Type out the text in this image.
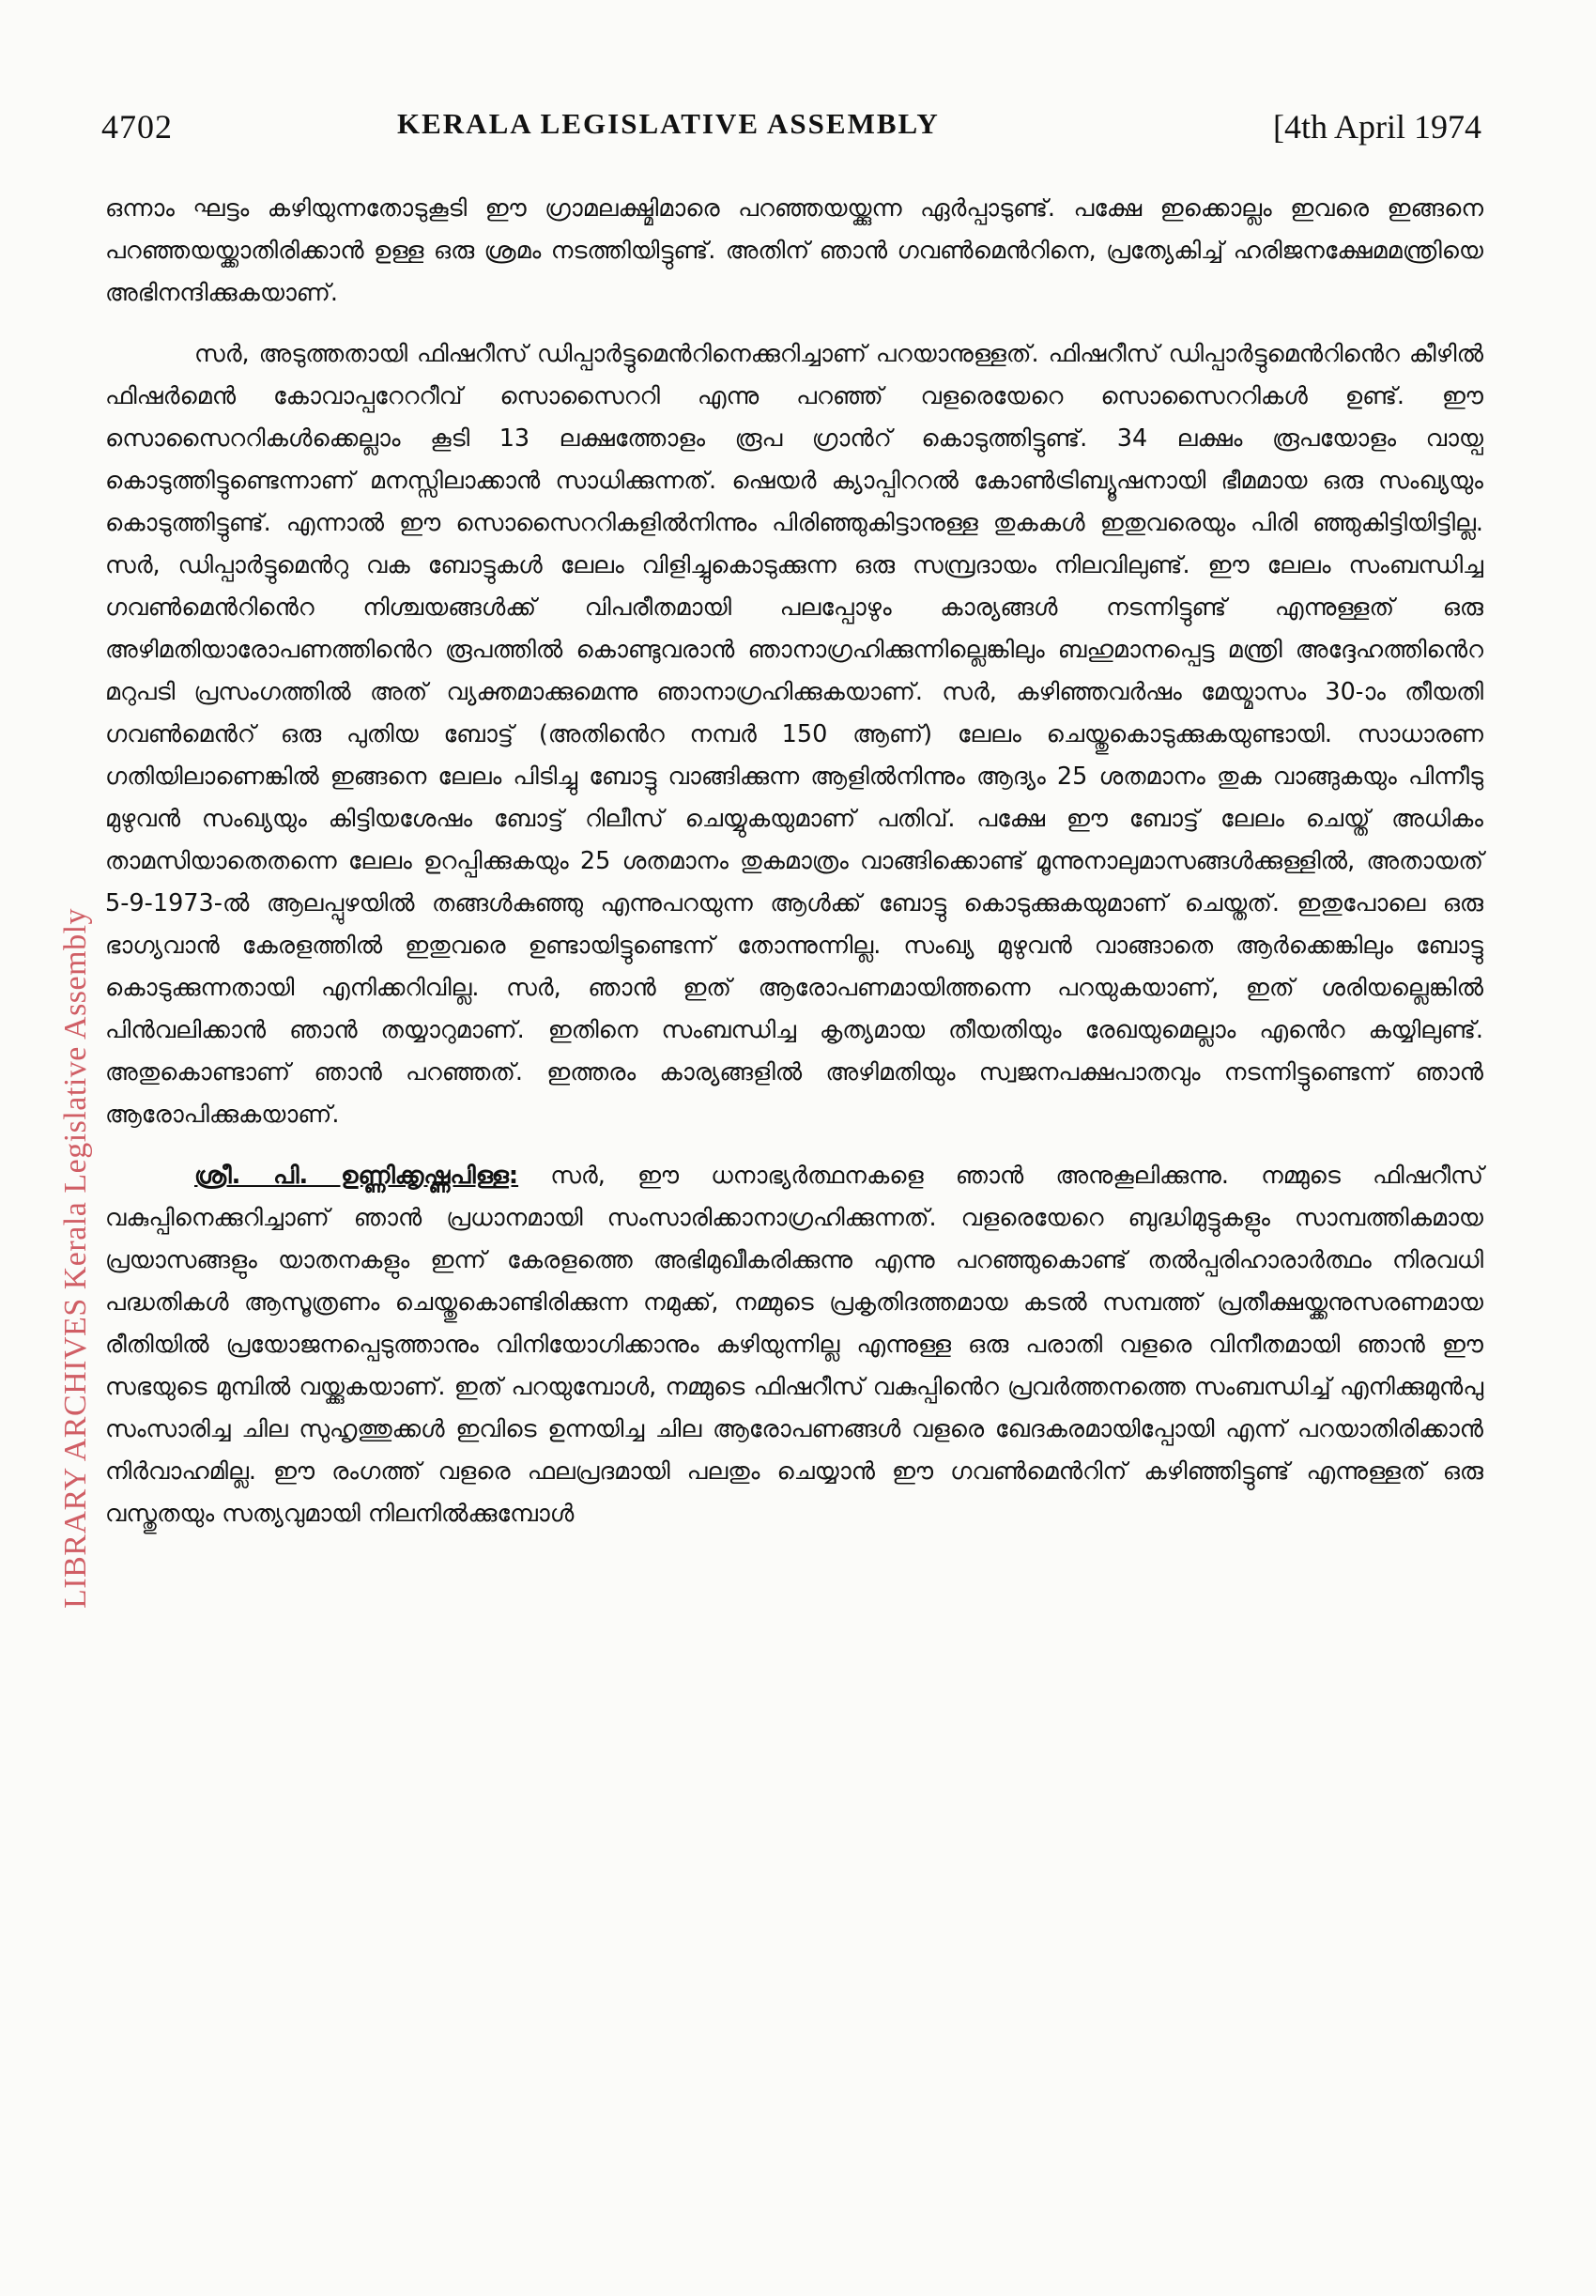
4702	KERALA LEGISLATIVE ASSEMBLY	[4th April 1974
LIBRARY ARCHIVES Kerala Legislative Assembly

ഒന്നാം ഘട്ടം കഴിയുന്നതോടുകൂടി ഈ ഗ്രാമലക്ഷ്മിമാരെ പറഞ്ഞയയ്ക്കുന്ന ഏർപ്പാടുണ്ട്. പക്ഷേ ഇക്കൊല്ലം ഇവരെ ഇങ്ങനെ പറഞ്ഞയയ്ക്കാതിരിക്കാൻ ഉള്ള ഒരു ശ്രമം നടത്തിയിട്ടുണ്ട്. അതിന് ഞാൻ ഗവൺമെൻറിനെ, പ്രത്യേകിച്ച് ഹരിജനക്ഷേമമന്ത്രിയെ അഭിനന്ദിക്കുകയാണ്.

സർ, അടുത്തതായി ഫിഷറീസ് ഡിപ്പാർട്ടുമെൻറിനെക്കുറിച്ചാണ് പറയാനുള്ളത്. ഫിഷറീസ് ഡിപ്പാർട്ടുമെൻറിൻെറ കീഴിൽ ഫിഷർമെൻ കോവാപ്പറേററീവ് സൊസൈററി എന്നു പറഞ്ഞ് വളരെയേറെ സൊസൈററികൾ ഉണ്ട്. ഈ സൊസൈററികൾക്കെല്ലാം കൂടി 13 ലക്ഷത്തോളം രൂപ ഗ്രാൻറ് കൊടുത്തിട്ടുണ്ട്. 34 ലക്ഷം രൂപയോളം വായ്പ കൊടുത്തിട്ടുണ്ടെന്നാണ് മനസ്സിലാക്കാൻ സാധിക്കുന്നത്. ഷെയർ ക്യാപ്പിററൽ കോൺട്രിബ്യൂഷനായി ഭീമമായ ഒരു സംഖ്യയും കൊടുത്തിട്ടുണ്ട്. എന്നാൽ ഈ സൊസൈററികളിൽനിന്നും പിരിഞ്ഞുകിട്ടാനുള്ള തുകകൾ ഇതുവരെയും പിരി ഞ്ഞുകിട്ടിയിട്ടില്ല. സർ, ഡിപ്പാർട്ടുമെൻറു വക ബോട്ടുകൾ ലേലം വിളിച്ചുകൊടുക്കുന്ന ഒരു സമ്പ്രദായം നിലവിലുണ്ട്. ഈ ലേലം സംബന്ധിച്ച ഗവൺമെൻറിൻെറ നിശ്ചയങ്ങൾക്ക് വിപരീതമായി പലപ്പോഴും കാര്യങ്ങൾ നടന്നിട്ടുണ്ട് എന്നുള്ളത് ഒരു അഴിമതിയാരോപണത്തിൻെറ രൂപത്തിൽ കൊണ്ടുവരാൻ ഞാനാഗ്രഹിക്കുന്നില്ലെങ്കിലും ബഹുമാനപ്പെട്ട മന്ത്രി അദ്ദേഹത്തിൻെറ മറുപടി പ്രസംഗത്തിൽ അത് വ്യക്തമാക്കുമെന്നു ഞാനാഗ്രഹിക്കുകയാണ്. സർ, കഴിഞ്ഞവർഷം മേയ്മാസം 30-ാം തീയതി ഗവൺമെൻറ് ഒരു പുതിയ ബോട്ട് (അതിൻെറ നമ്പർ 150 ആണ്) ലേലം ചെയ്തുകൊടുക്കുകയുണ്ടായി. സാധാരണ ഗതിയിലാണെങ്കിൽ ഇങ്ങനെ ലേലം പിടിച്ചു ബോട്ടു വാങ്ങിക്കുന്ന ആളിൽനിന്നും ആദ്യം 25 ശതമാനം തുക വാങ്ങുകയും പിന്നീടു മുഴുവൻ സംഖ്യയും കിട്ടിയശേഷം ബോട്ട് റിലീസ് ചെയ്യുകയുമാണ് പതിവ്. പക്ഷേ ഈ ബോട്ട് ലേലം ചെയ്ത് അധികം താമസിയാതെതന്നെ ലേലം ഉറപ്പിക്കുകയും 25 ശതമാനം തുകമാത്രം വാങ്ങിക്കൊണ്ട് മൂന്നുനാലുമാസങ്ങൾക്കുള്ളിൽ, അതായത് 5-9-1973-ൽ ആലപ്പുഴയിൽ തങ്ങൾകുഞ്ഞു എന്നുപറയുന്ന ആൾക്ക് ബോട്ടു കൊടുക്കുകയുമാണ് ചെയ്തത്. ഇതുപോലെ ഒരു ഭാഗ്യവാൻ കേരളത്തിൽ ഇതുവരെ ഉണ്ടായിട്ടുണ്ടെന്ന് തോന്നുന്നില്ല. സംഖ്യ മുഴുവൻ വാങ്ങാതെ ആർക്കെങ്കിലും ബോട്ടു കൊടുക്കുന്നതായി എനിക്കറിവില്ല. സർ, ഞാൻ ഇത് ആരോപണമായിത്തന്നെ പറയുകയാണ്, ഇത് ശരിയല്ലെങ്കിൽ പിൻവലിക്കാൻ ഞാൻ തയ്യാറുമാണ്. ഇതിനെ സംബന്ധിച്ച കൃത്യമായ തീയതിയും രേഖയുമെല്ലാം എൻെറ കയ്യിലുണ്ട്. അതുകൊണ്ടാണ് ഞാൻ പറഞ്ഞത്. ഇത്തരം കാര്യങ്ങളിൽ അഴിമതിയും സ്വജനപക്ഷപാതവും നടന്നിട്ടുണ്ടെന്ന് ഞാൻ ആരോപിക്കുകയാണ്.

ശ്രീ. പി. ഉണ്ണിക്കൃഷ്ണപിള്ള: സർ, ഈ ധനാഭ്യർത്ഥനകളെ ഞാൻ അനുകൂലിക്കുന്നു. നമ്മുടെ ഫിഷറീസ് വകുപ്പിനെക്കുറിച്ചാണ് ഞാൻ പ്രധാനമായി സംസാരിക്കാനാഗ്രഹിക്കുന്നത്. വളരെയേറെ ബുദ്ധിമുട്ടുകളും സാമ്പത്തികമായ പ്രയാസങ്ങളും യാതനകളും ഇന്ന് കേരളത്തെ അഭിമുഖീകരിക്കുന്നു എന്നു പറഞ്ഞുകൊണ്ട് തൽപ്പരിഹാരാർത്ഥം നിരവധി പദ്ധതികൾ ആസൂത്രണം ചെയ്തുകൊണ്ടിരിക്കുന്ന നമുക്ക്, നമ്മുടെ പ്രകൃതിദത്തമായ കടൽ സമ്പത്ത് പ്രതീക്ഷയ്ക്കനുസരണമായ രീതിയിൽ പ്രയോജനപ്പെടുത്താനും വിനിയോഗിക്കാനും കഴിയുന്നില്ല എന്നുള്ള ഒരു പരാതി വളരെ വിനീതമായി ഞാൻ ഈ സഭയുടെ മുമ്പിൽ വയ്ക്കുകയാണ്. ഇത് പറയുമ്പോൾ, നമ്മുടെ ഫിഷറീസ് വകുപ്പിൻെറ പ്രവർത്തനത്തെ സംബന്ധിച്ച് എനിക്കുമുൻപു സംസാരിച്ച ചില സുഹൃത്തുക്കൾ ഇവിടെ ഉന്നയിച്ച ചില ആരോപണങ്ങൾ വളരെ ഖേദകരമായിപ്പോയി എന്ന് പറയാതിരിക്കാൻ നിർവാഹമില്ല. ഈ രംഗത്ത് വളരെ ഫലപ്രദമായി പലതും ചെയ്യാൻ ഈ ഗവൺമെൻറിന് കഴിഞ്ഞിട്ടുണ്ട് എന്നുള്ളത് ഒരു വസ്തുതയും സത്യവുമായി നിലനിൽക്കുമ്പോൾ
